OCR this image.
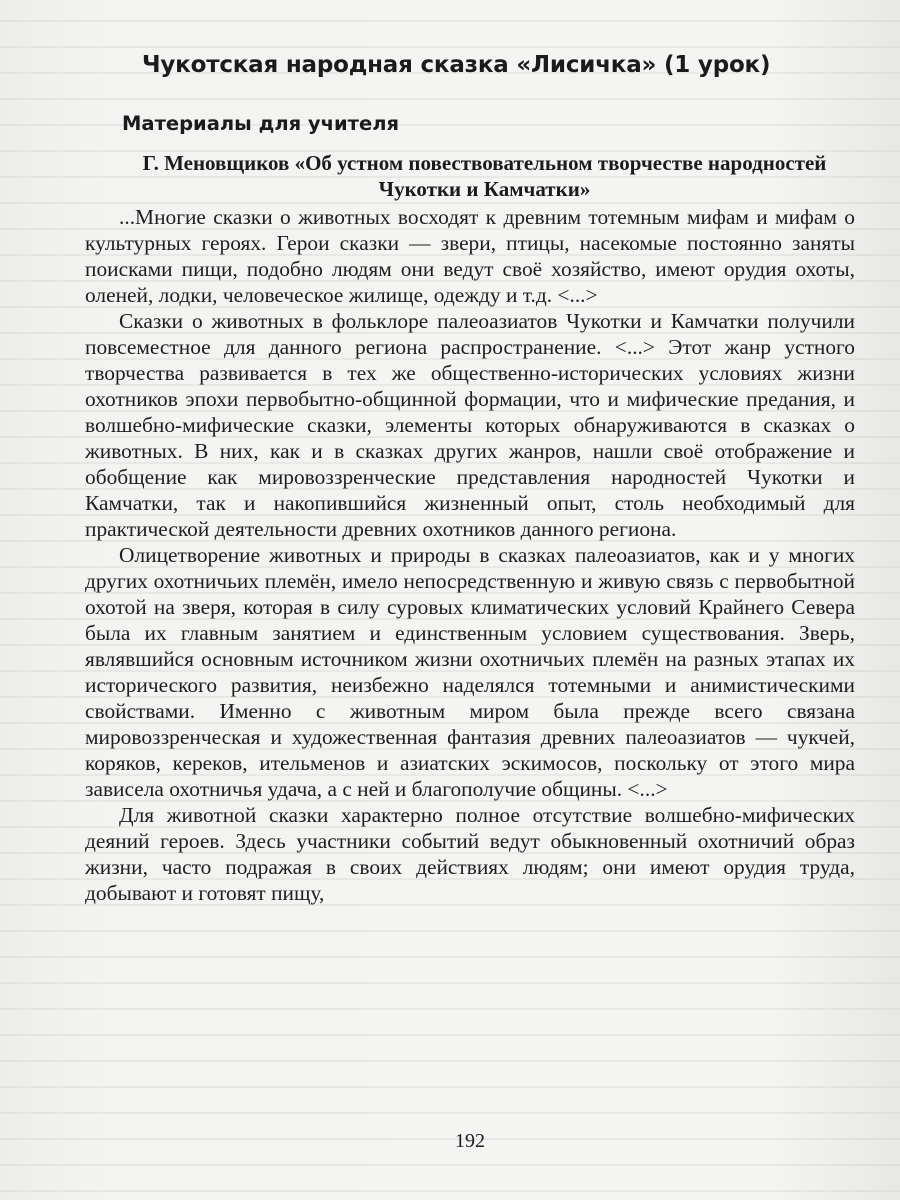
Чукотская народная сказка «Лисичка» (1 урок)
Материалы для учителя
Г. Меновщиков «Об устном повествовательном творчестве народностей Чукотки и Камчатки»

...Многие сказки о животных восходят к древним тотемным мифам и мифам о культурных героях. Герои сказки — звери, птицы, насекомые постоянно заняты поисками пищи, подобно людям они ведут своё хозяйство, имеют орудия охоты, оленей, лодки, человеческое жилище, одежду и т.д. <...>

Сказки о животных в фольклоре палеоазиатов Чукотки и Камчатки получили повсеместное для данного региона распространение. <...> Этот жанр устного творчества развивается в тех же общественно-исторических условиях жизни охотников эпохи первобытно-общинной формации, что и мифические предания, и волшебно-мифические сказки, элементы которых обнаруживаются в сказках о животных. В них, как и в сказках других жанров, нашли своё отображение и обобщение как мировоззренческие представления народностей Чукотки и Камчатки, так и накопившийся жизненный опыт, столь необходимый для практической деятельности древних охотников данного региона.

Олицетворение животных и природы в сказках палеоазиатов, как и у многих других охотничьих племён, имело непосредственную и живую связь с первобытной охотой на зверя, которая в силу суровых климатических условий Крайнего Севера была их главным занятием и единственным условием существования. Зверь, являвшийся основным источником жизни охотничьих племён на разных этапах их исторического развития, неизбежно наделялся тотемными и анимистическими свойствами. Именно с животным миром была прежде всего связана мировоззренческая и художественная фантазия древних палеоазиатов — чукчей, коряков, кереков, ительменов и азиатских эскимосов, поскольку от этого мира зависела охотничья удача, а с ней и благополучие общины. <...>

Для животной сказки характерно полное отсутствие волшебно-мифических деяний героев. Здесь участники событий ведут обыкновенный охотничий образ жизни, часто подражая в своих действиях людям; они имеют орудия труда, добывают и готовят пищу,

192
